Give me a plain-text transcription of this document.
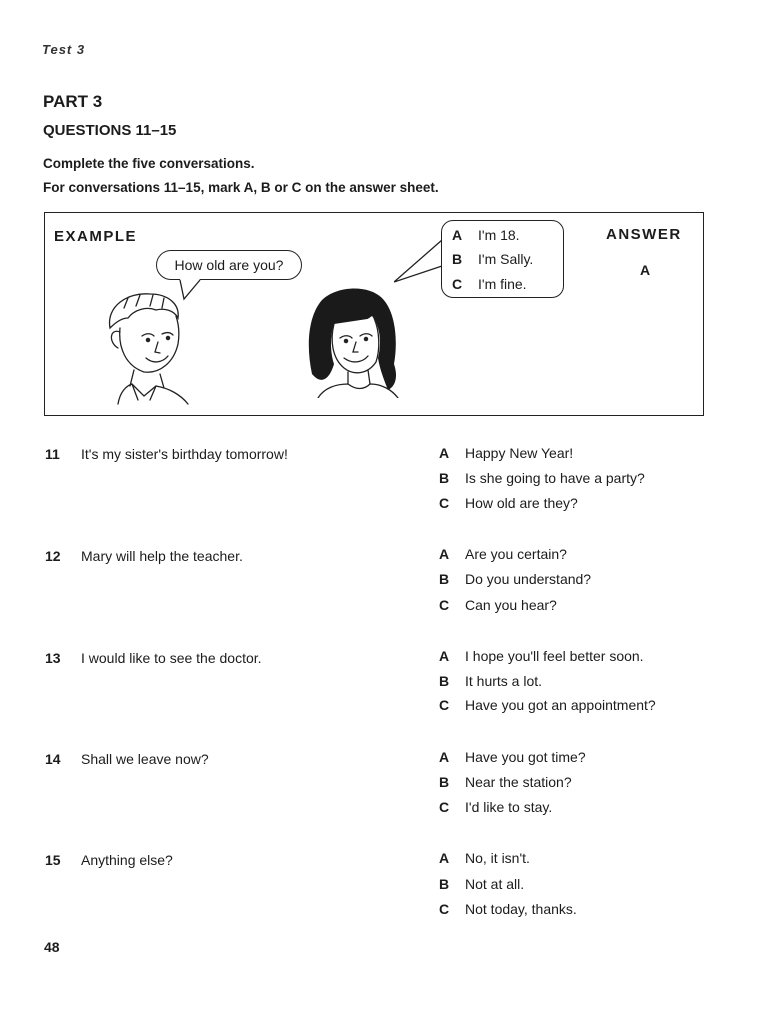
Test 3
PART 3
QUESTIONS 11–15
Complete the five conversations.
For conversations 11–15, mark A, B or C on the answer sheet.
EXAMPLE	ANSWER
A
How old are you?
A I'm 18.
B I'm Sally.
C I'm fine.
11 It's my sister's birthday tomorrow!	A Happy New Year!
B Is she going to have a party?
C How old are they?
12 Mary will help the teacher.	A Are you certain?
B Do you understand?
C Can you hear?
13 I would like to see the doctor.	A I hope you'll feel better soon.
B It hurts a lot.
C Have you got an appointment?
14 Shall we leave now?	A Have you got time?
B Near the station?
C I'd like to stay.
15 Anything else?	A No, it isn't.
B Not at all.
C Not today, thanks.
48
